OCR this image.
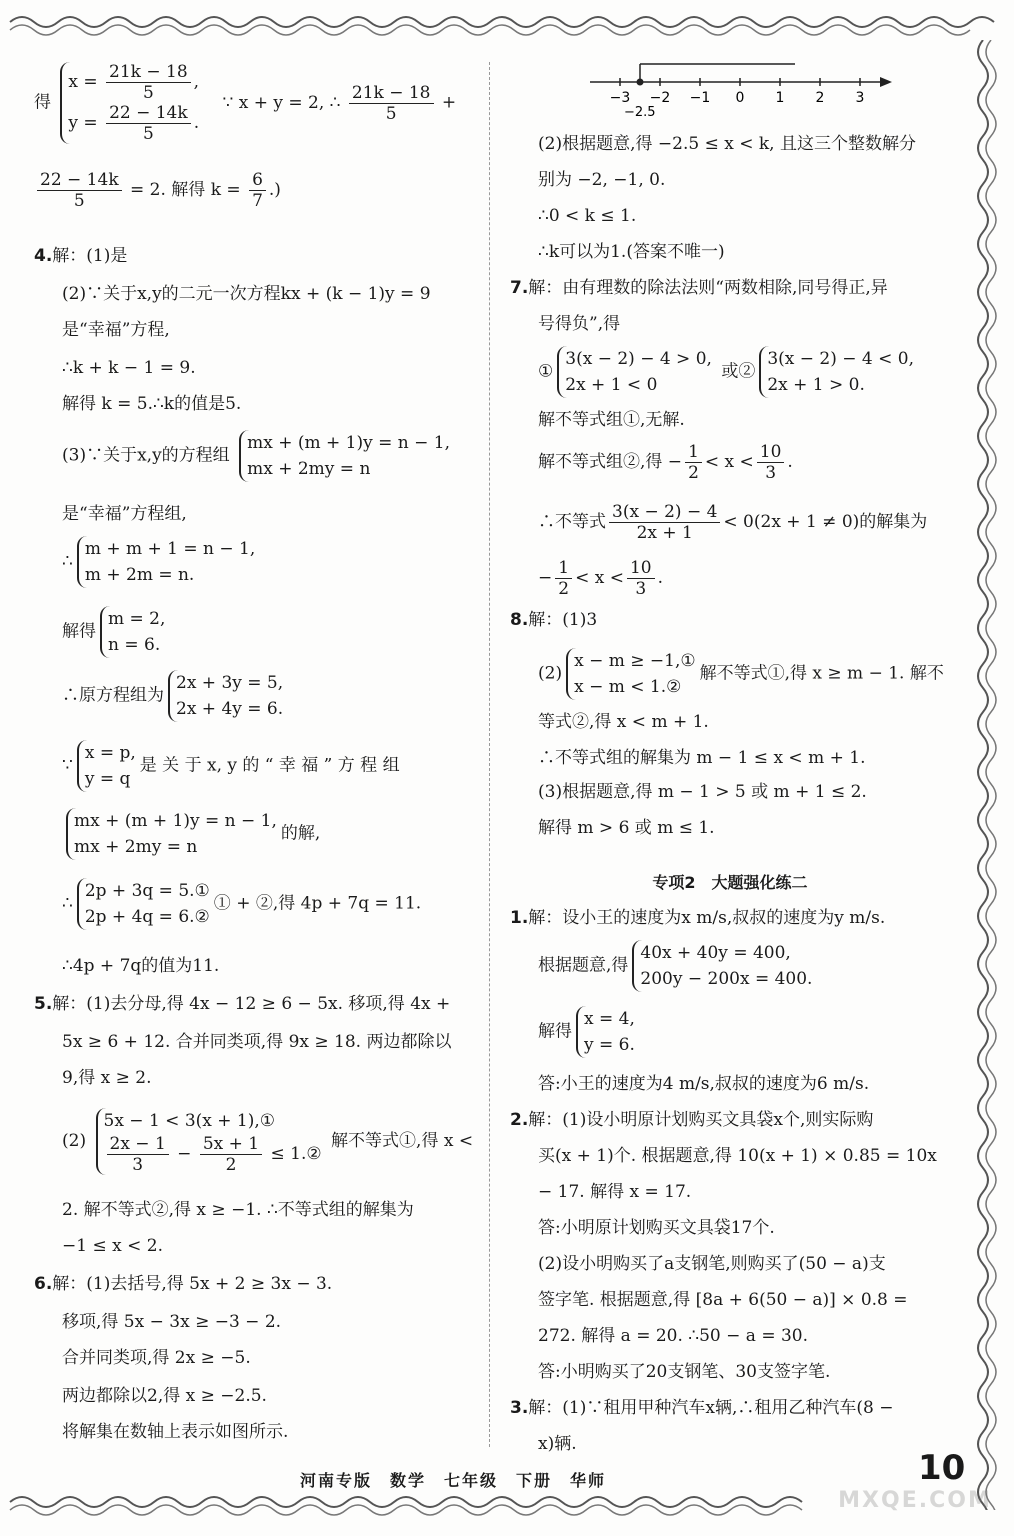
得
$x = \frac{21k - 18}{5}$ ,
$y = \frac{22 - 14k}{5}$ .
∵ x + y = 2, ∴ $\frac{21k - 18}{5}$ +
$\frac{22 - 14k}{5} = 2$. 解得 $k = \frac{6}{7}$ .)
4.解：(1)是
(2)∵关于x,y的二元一次方程kx + (k − 1)y = 9
是“幸福”方程,
∴k + k − 1 = 9.
解得 k = 5.∴k的值是5.
(3)∵关于x,y的方程组
mx + (m + 1)y = n − 1,
mx + 2my = n
是“幸福”方程组,
∴
m + m + 1 = n − 1,
m + 2m = n.
解得
m = 2,
n = 6.
∴原方程组为
2x + 3y = 5,
2x + 4y = 6.
∵
x = p,
y = q
是 关 于 x, y 的 “ 幸 福 ” 方 程 组
mx + (m + 1)y = n − 1,
mx + 2my = n
的解,
∴
2p + 3q = 5.①
2p + 4q = 6.②
① + ②,得 4p + 7q = 11.
∴4p + 7q的值为11.
5.解：(1)去分母,得 4x − 12 ≥ 6 − 5x. 移项,得 4x +
5x ≥ 6 + 12. 合并同类项,得 9x ≥ 18. 两边都除以
9,得 x ≥ 2.
(2)
5x − 1 < 3(x + 1),①
$\frac{2x - 1}{3} - \frac{5x + 1}{2}$ ≤ 1.②
解不等式①,得 x <
2. 解不等式②,得 x ≥ −1. ∴不等式组的解集为
−1 ≤ x < 2.
6.解：(1)去括号,得 5x + 2 ≥ 3x − 3.
移项,得 5x − 3x ≥ −3 − 2.
合并同类项,得 2x ≥ −5.
两边都除以2,得 x ≥ −2.5.
将解集在数轴上表示如图所示.
−3 −2 −1 0 1 2 3
−2.5
(2)根据题意,得 −2.5 ≤ x < k, 且这三个整数解分
别为 −2, −1, 0.
∴0 < k ≤ 1.
∴k可以为1.(答案不唯一)
7.解：由有理数的除法法则“两数相除,同号得正,异
号得负”,得
①
3(x − 2) − 4 > 0,
2x + 1 < 0
或②
3(x − 2) − 4 < 0,
2x + 1 > 0.
解不等式组①,无解.
解不等式组②,得 − $\frac{1}{2} < x < \frac{10}{3}$ .
∴不等式 $\frac{3(x - 2) - 4}{2x + 1} < 0(2x + 1 \ne 0)$的解集为
− $\frac{1}{2} < x < \frac{10}{3}$ .
8.解：(1)3
(2)
x − m ≥ −1,①
x − m < 1.②
解不等式①,得 x ≥ m − 1. 解不
等式②,得 x < m + 1.
∴不等式组的解集为 m − 1 ≤ x < m + 1.
(3)根据题意,得 m − 1 > 5 或 m + 1 ≤ 2.
解得 m > 6 或 m ≤ 1.
1.解：设小王的速度为x m/s,叔叔的速度为y m/s.
根据题意,得
40x + 40y = 400,
200y − 200x = 400.
解得
x = 4,
y = 6.
答:小王的速度为4 m/s,叔叔的速度为6 m/s.
2.解：(1)设小明原计划购买文具袋x个,则实际购
买(x + 1)个. 根据题意,得 10(x + 1) × 0.85 = 10x
− 17. 解得 x = 17.
答:小明原计划购买文具袋17个.
(2)设小明购买了a支钢笔,则购买了(50 − a)支
签字笔. 根据题意,得 [8a + 6(50 − a)] × 0.8 =
272. 解得 a = 20. ∴50 − a = 30.
答:小明购买了20支钢笔、30支签字笔.
3.解：(1)∵租用甲种汽车x辆,∴租用乙种汽车(8 −
x)辆.
专项2　大题强化练二
河南专版　数学　七年级　下册　华师	10
MXQE.COM
